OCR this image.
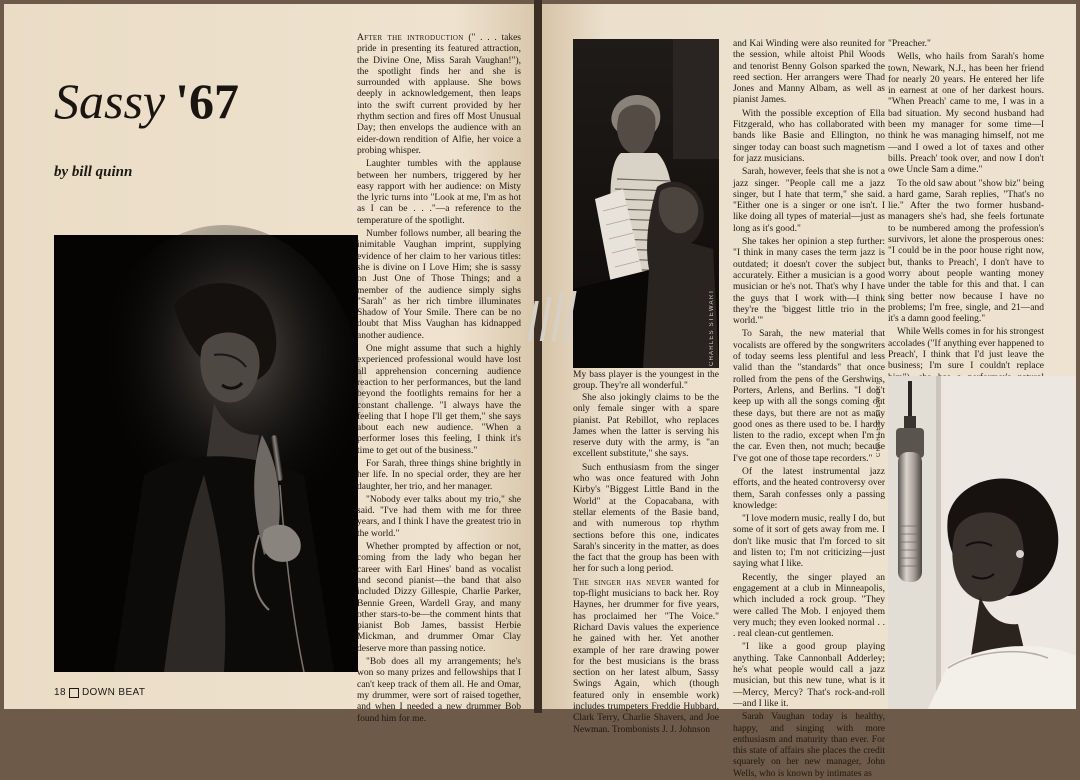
Sassy '67
by bill quinn

After the introduction (" . . . takes pride in presenting its featured attraction, the Divine One, Miss Sarah Vaughan!"), the spotlight finds her and she is surrounded with applause. She bows deeply in acknowledgement, then leaps into the swift current provided by her rhythm section and fires off Most Unusual Day; then envelops the audience with an eider-down rendition of Alfie, her voice a probing whisper.

Laughter tumbles with the applause between her numbers, triggered by her easy rapport with her audience: on Misty the lyric turns into "Look at me, I'm as hot as I can be . . ."—a reference to the temperature of the spotlight.

Number follows number, all bearing the inimitable Vaughan imprint, supplying evidence of her claim to her various titles: she is divine on I Love Him; she is sassy on Just One of Those Things; and a member of the audience simply sighs "Sarah" as her rich timbre illuminates Shadow of Your Smile. There can be no doubt that Miss Vaughan has kidnapped another audience.

One might assume that such a highly experienced professional would have lost all apprehension concerning audience reaction to her performances, but the land beyond the footlights remains for her a constant challenge. "I always have the feeling that I hope I'll get them," she says about each new audience. "When a performer loses this feeling, I think it's time to get out of the business."

For Sarah, three things shine brightly in her life. In no special order, they are her daughter, her trio, and her manager.

"Nobody ever talks about my trio," she said. "I've had them with me for three years, and I think I have the greatest trio in the world."

Whether prompted by affection or not, coming from the lady who began her career with Earl Hines' band as vocalist and second pianist—the band that also included Dizzy Gillespie, Charlie Parker, Bennie Green, Wardell Gray, and many other stars-to-be—the comment hints that pianist Bob James, bassist Herbie Mickman, and drummer Omar Clay deserve more than passing notice.

"Bob does all my arrangements; he's won so many prizes and fellowships that I can't keep track of them all. He and Omar, my drummer, were sort of raised together, and when I needed a new drummer Bob found him for me.

18 DOWN BEAT
CHARLES STEWART
My bass player is the youngest in the group. They're all wonderful."

She also jokingly claims to be the only female singer with a spare pianist. Pat Rebillot, who replaces James when the latter is serving his reserve duty with the army, is "an excellent substitute," she says.

Such enthusiasm from the singer who was once featured with John Kirby's "Biggest Little Band in the World" at the Copacabana, with stellar elements of the Basie band, and with numerous top rhythm sections before this one, indicates Sarah's sincerity in the matter, as does the fact that the group has been with her for such a long period.

The singer has never wanted for top-flight musicians to back her. Roy Haynes, her drummer for five years, has proclaimed her "The Voice." Richard Davis values the experience he gained with her. Yet another example of her rare drawing power for the best musicians is the brass section on her latest album, Sassy Swings Again, which (though featured only in ensemble work) includes trumpeters Freddie Hubbard, Clark Terry, Charlie Shavers, and Joe Newman. Trombonists J. J. Johnson

and Kai Winding were also reunited for the session, while altoist Phil Woods and tenorist Benny Golson sparked the reed section. Her arrangers were Thad Jones and Manny Albam, as well as pianist James.

With the possible exception of Ella Fitzgerald, who has collaborated with bands like Basie and Ellington, no singer today can boast such magnetism for jazz musicians.

Sarah, however, feels that she is not a jazz singer. "People call me a jazz singer, but I hate that term," she said. "Either one is a singer or one isn't. I like doing all types of material—just as long as it's good."

She takes her opinion a step further: "I think in many cases the term jazz is outdated; it doesn't cover the subject accurately. Either a musician is a good musician or he's not. That's why I have the guys that I work with—I think they're the 'biggest little trio in the world.'"

To Sarah, the new material that vocalists are offered by the songwriters of today seems less plentiful and less valid than the "standards" that once rolled from the pens of the Gershwins, Porters, Arlens, and Berlins. "I don't keep up with all the songs coming out these days, but there are not as many good ones as there used to be. I hardly listen to the radio, except when I'm in the car. Even then, not much; because I've got one of those tape recorders."

Of the latest instrumental jazz efforts, and the heated controversy over them, Sarah confesses only a passing knowledge:

"I love modern music, really I do, but some of it sort of gets away from me. I don't like music that I'm forced to sit and listen to; I'm not criticizing—just saying what I like.

Recently, the singer played an engagement at a club in Minneapolis, which included a rock group. "They were called The Mob. I enjoyed them very much; they even looked normal . . . real clean-cut gentlemen.

"I like a good group playing anything. Take Cannonball Adderley; he's what people would call a jazz musician, but this new tune, what is it—Mercy, Mercy? That's rock-and-roll—and I like it.

Sarah Vaughan today is healthy, happy, and singing with more enthusiasm and maturity than ever. For this state of affairs she places the credit squarely on her new manager, John Wells, who is known by intimates as

"Preacher."

Wells, who hails from Sarah's home town, Newark, N.J., has been her friend for nearly 20 years. He entered her life in earnest at one of her darkest hours. "When Preach' came to me, I was in a bad situation. My second husband had been my manager for some time—I think he was managing himself, not me—and I owed a lot of taxes and other bills. Preach' took over, and now I don't owe Uncle Sam a dime."

To the old saw about "show biz" being a hard game, Sarah replies, "That's no lie." After the two former husband-managers she's had, she feels fortunate to be numbered among the profession's survivors, let alone the prosperous ones: "I could be in the poor house right now, but, thanks to Preach', I don't have to worry about people wanting money under the table for this and that. I can sing better now because I have no problems; I'm free, single, and 21—and it's a damn good feeling."

While Wells comes in for his strongest accolades ("If anything ever happened to Preach', I think that I'd just leave the business; I'm sure I couldn't replace

CHARLES STEWART
